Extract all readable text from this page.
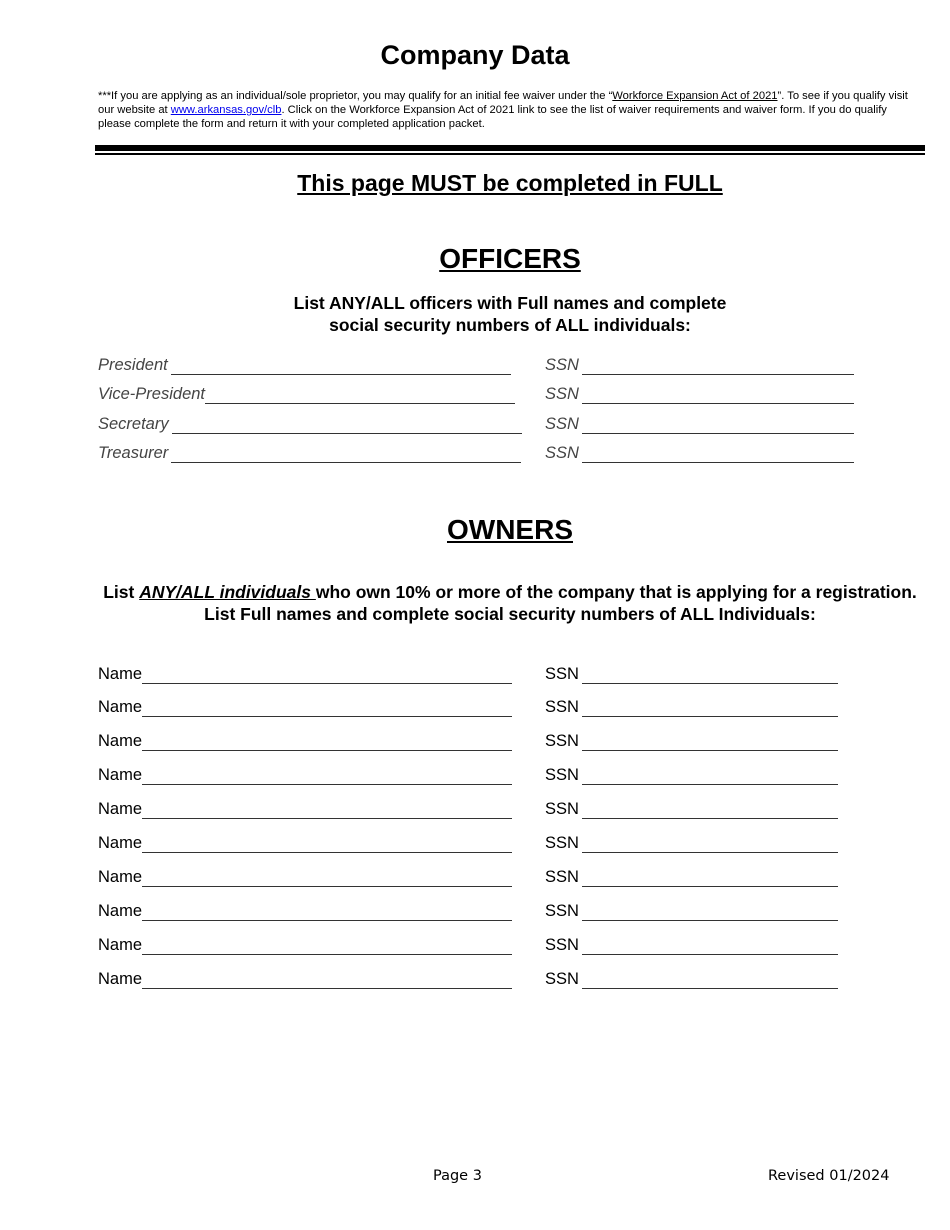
Company Data
***If you are applying as an individual/sole proprietor, you may qualify for an initial fee waiver under the “Workforce Expansion Act of 2021”. To see if you qualify visit our website at www.arkansas.gov/clb. Click on the Workforce Expansion Act of 2021 link to see the list of waiver requirements and waiver form. If you do qualify please complete the form and return it with your completed application packet.
This page MUST be completed in FULL
OFFICERS
List ANY/ALL officers with Full names and complete
social security numbers of ALL individuals:
President	SSN
Vice-President	SSN
Secretary	SSN
Treasurer	SSN
OWNERS
List ANY/ALL individuals who own 10% or more of the company that is applying for a registration. List Full names and complete social security numbers of ALL Individuals:
Name	SSN
Name	SSN
Name	SSN
Name	SSN
Name	SSN
Name	SSN
Name	SSN
Name	SSN
Name	SSN
Name	SSN
Page 3	Revised 01/2024
